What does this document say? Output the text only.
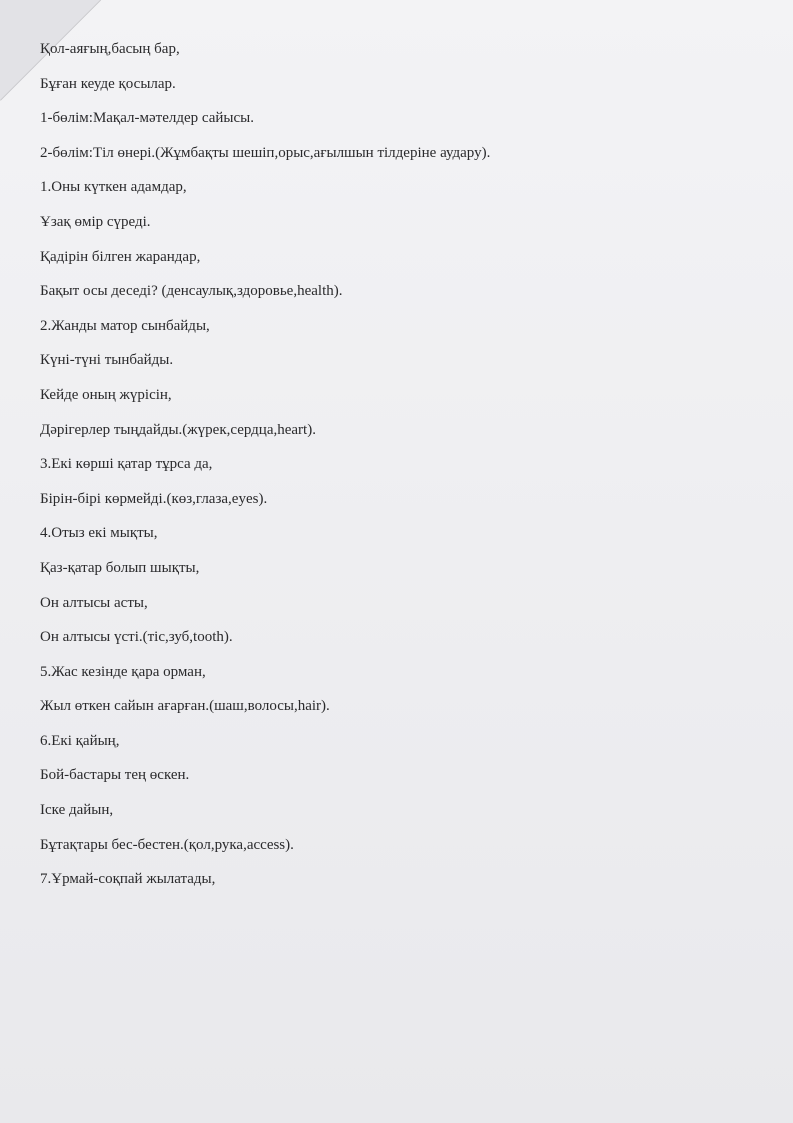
Қол-аяғың,басың бар,
Бұған кеуде қосылар.
1-бөлім:Мақал-мәтелдер сайысы.
2-бөлім:Тіл өнері.(Жұмбақты шешіп,орыс,ағылшын тілдеріне аудару).
1.Оны күткен адамдар,
Ұзақ өмір сүреді.
Қадірін білген жарандар,
Бақыт осы деседі? (денсаулық,здоровье,health).
2.Жанды матор сынбайды,
Күні-түні тынбайды.
Кейде оның жүрісін,
Дәрігерлер тыңдайды.(жүрек,сердца,heart).
3.Екі көрші қатар тұрса да,
Бірін-бірі көрмейді.(көз,глаза,eyes).
4.Отыз екі мықты,
Қаз-қатар болып шықты,
Он алтысы асты,
Он алтысы үсті.(тіс,зуб,tooth).
5.Жас кезінде қара орман,
Жыл өткен сайын ағарған.(шаш,волосы,hair).
6.Екі қайың,
Бой-бастары тең өскен.
Іске дайын,
Бұтақтары бес-бестен.(қол,рука,access).
7.Ұрмай-соқпай жылатады,
